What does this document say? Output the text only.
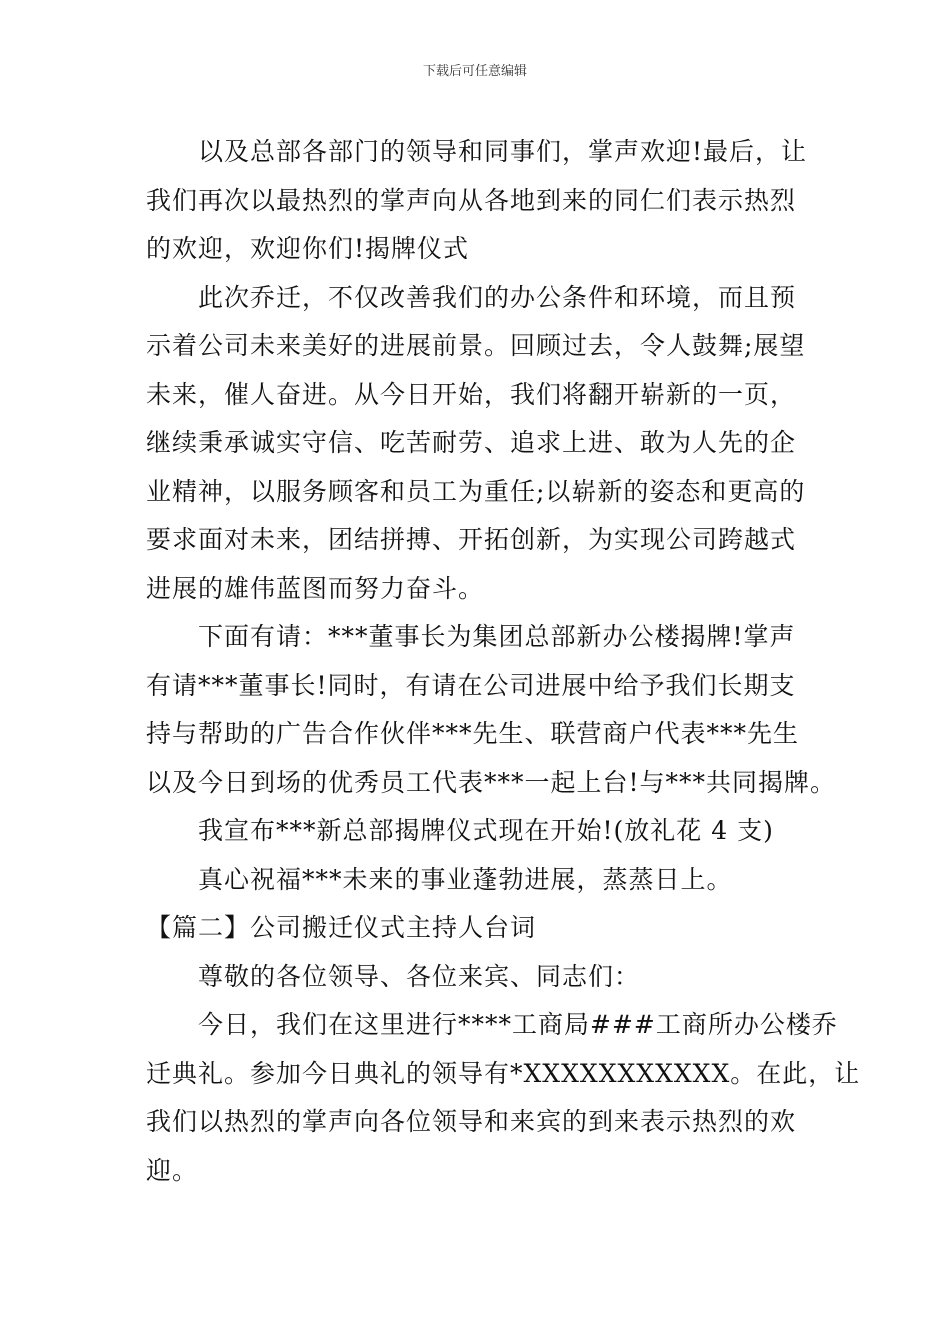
下载后可任意编辑
以及总部各部门的领导和同事们，掌声欢迎!最后，让
我们再次以最热烈的掌声向从各地到来的同仁们表示热烈
的欢迎，欢迎你们!揭牌仪式
此次乔迁，不仅改善我们的办公条件和环境，而且预
示着公司未来美好的进展前景。回顾过去，令人鼓舞;展望
未来，催人奋进。从今日开始，我们将翻开崭新的一页，
继续秉承诚实守信、吃苦耐劳、追求上进、敢为人先的企
业精神，以服务顾客和员工为重任;以崭新的姿态和更高的
要求面对未来，团结拼搏、开拓创新，为实现公司跨越式
进展的雄伟蓝图而努力奋斗。
下面有请：***董事长为集团总部新办公楼揭牌!掌声
有请***董事长!同时，有请在公司进展中给予我们长期支
持与帮助的广告合作伙伴***先生、联营商户代表***先生
以及今日到场的优秀员工代表***一起上台!与***共同揭牌。
我宣布***新总部揭牌仪式现在开始!(放礼花 4 支)
真心祝福***未来的事业蓬勃进展，蒸蒸日上。
【篇二】公司搬迁仪式主持人台词
尊敬的各位领导、各位来宾、同志们：
今日，我们在这里进行****工商局###工商所办公楼乔
迁典礼。参加今日典礼的领导有*XXXXXXXXXXX。在此，让
我们以热烈的掌声向各位领导和来宾的到来表示热烈的欢
迎。
